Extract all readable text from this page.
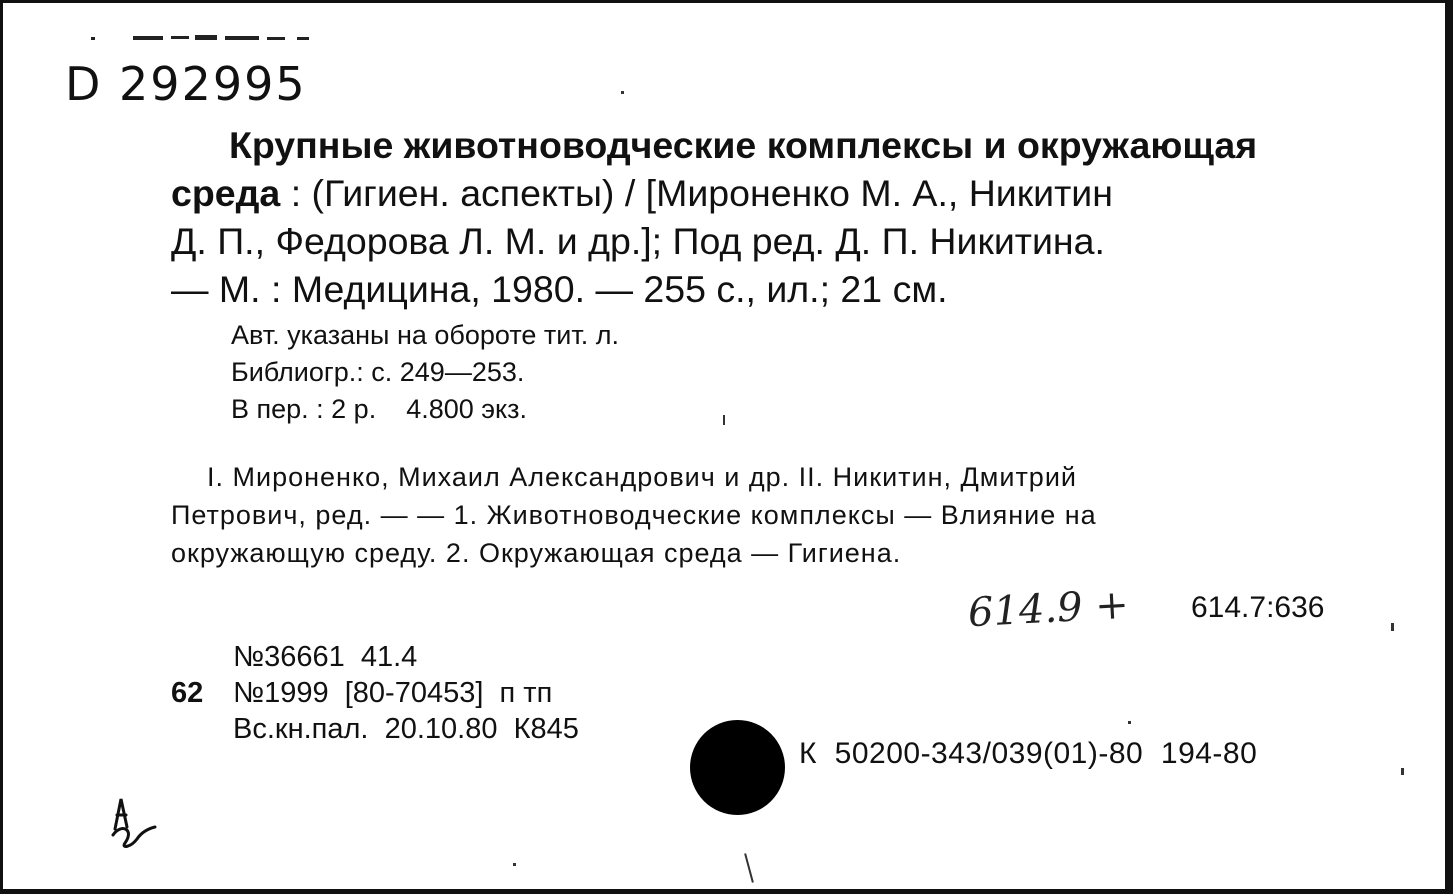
D 292995
Крупные животноводческие комплексы и окружающая
среда : (Гигиен. аспекты) / [Мироненко М. А., Никитин
Д. П., Федорова Л. М. и др.]; Под ред. Д. П. Никитина.
— М. : Медицина, 1980. — 255 с., ил.; 21 см.
Авт. указаны на обороте тит. л.
Библиогр.: с. 249—253.
В пер. : 2 р.    4.800 экз.
I. Мироненко, Михаил Александрович и др. II. Никитин, Дмитрий
Петрович, ред. — — 1. Животноводческие комплексы — Влияние на
окружающую среду. 2. Окружающая среда — Гигиена.
614.9 + 614.7:636
№36661  41.4
62 №1999  [80-70453]  п тп
Вс.кн.пал.  20.10.80  К845
К  50200-343/039(01)-80  194-80
